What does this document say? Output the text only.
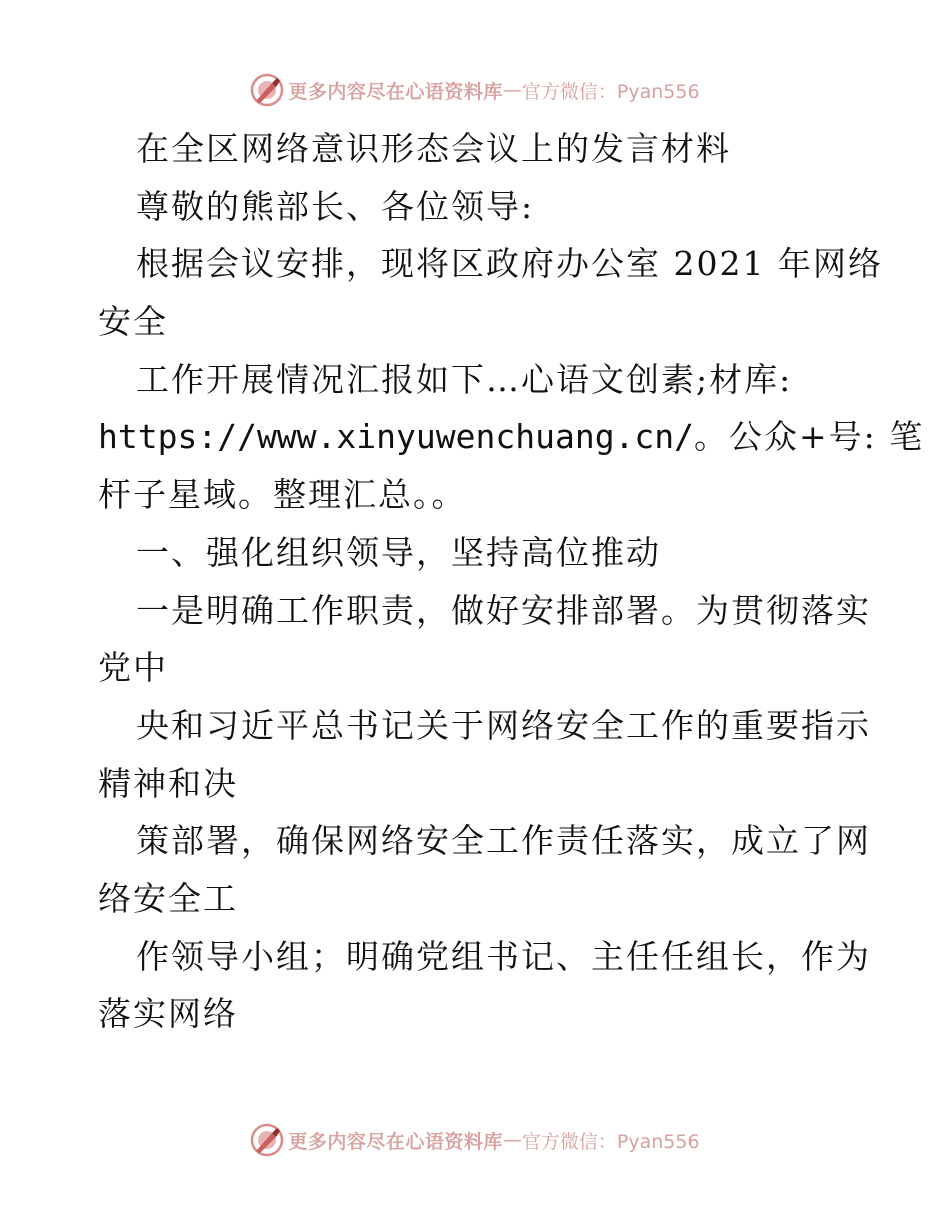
更多内容尽在心语资料库 — 官方微信：Pyan556
在全区网络意识形态会议上的发言材料
尊敬的熊部长、各位领导:
根据会议安排，现将区政府办公室 2021 年网络
安全
工作开展情况汇报如下…心语文创素;材库:
https://www.xinyuwenchuang.cn/。公众+号: 笔
杆子星域。整理汇总。。
一、强化组织领导，坚持高位推动
一是明确工作职责，做好安排部署。为贯彻落实
党中
央和习近平总书记关于网络安全工作的重要指示
精神和决
策部署，确保网络安全工作责任落实，成立了网
络安全工
作领导小组；明确党组书记、主任任组长，作为
落实网络
更多内容尽在心语资料库 — 官方微信：Pyan556
